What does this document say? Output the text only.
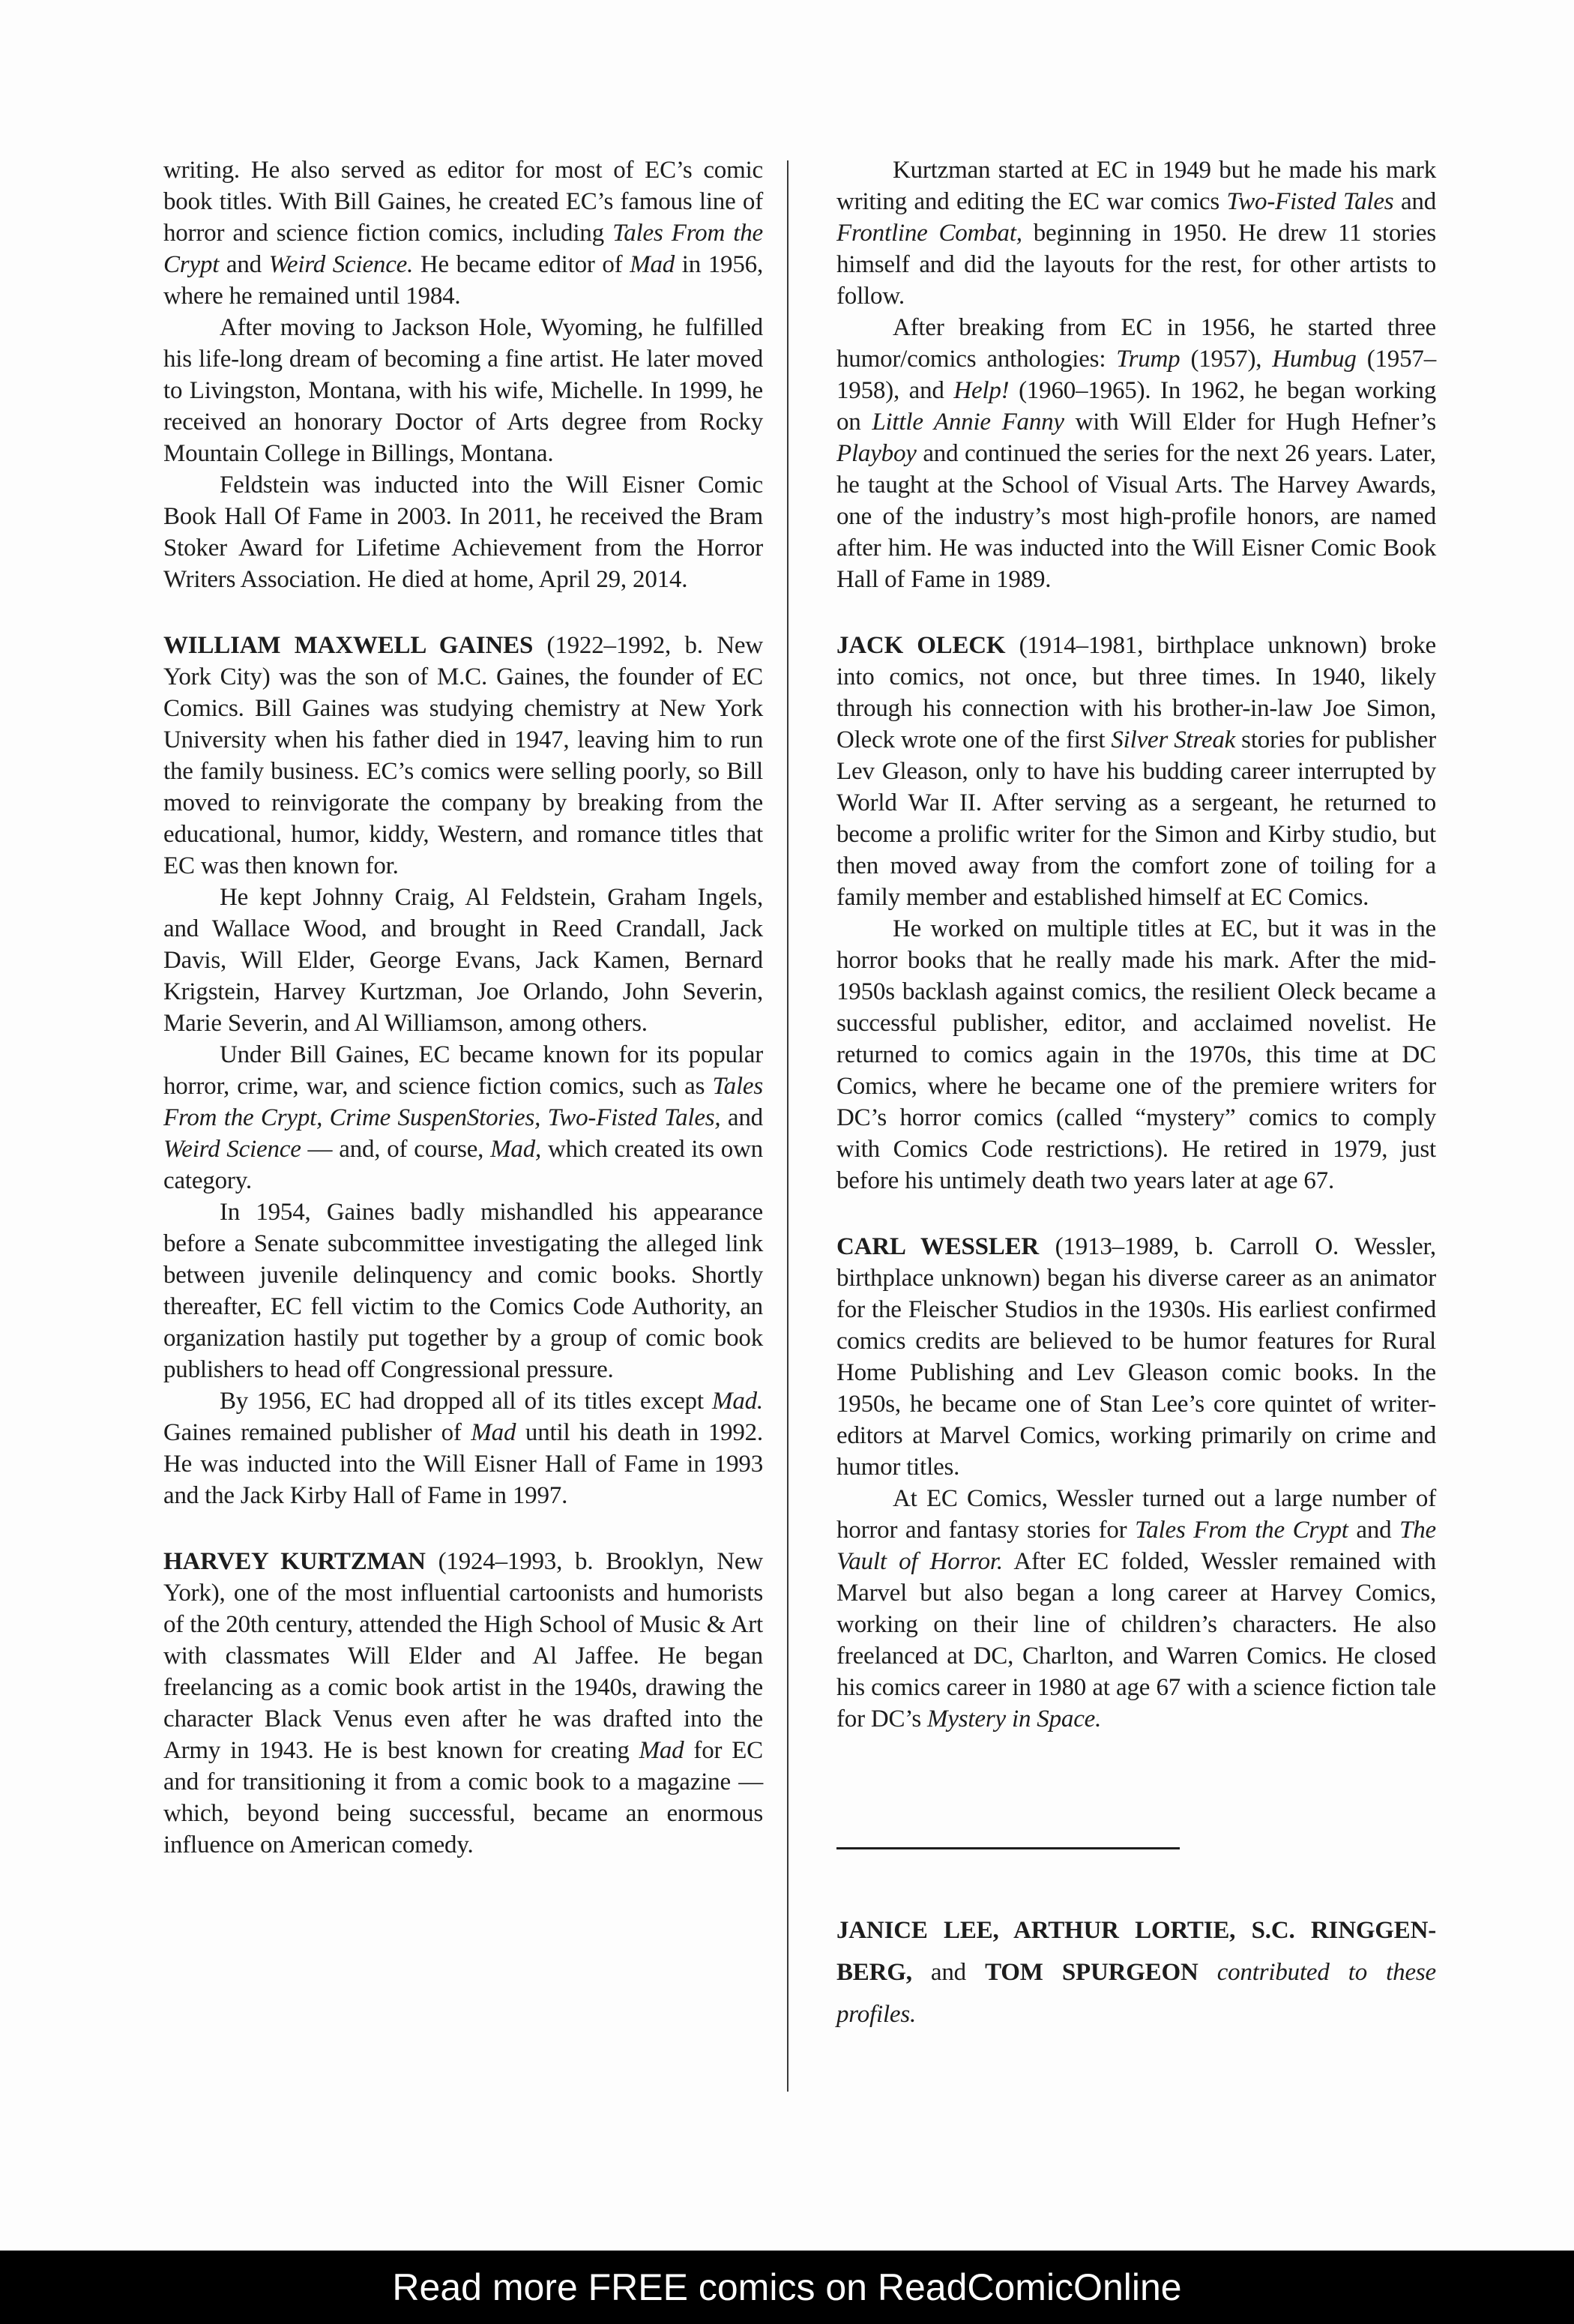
writing. He also served as editor for most of EC’s comic book titles. With Bill Gaines, he created EC’s famous line of horror and science fiction comics, including Tales From the Crypt and Weird Science. He became editor of Mad in 1956, where he remained until 1984.

After moving to Jackson Hole, Wyoming, he fulfilled his life-long dream of becoming a fine artist. He later moved to Livingston, Montana, with his wife, Michelle. In 1999, he received an honorary Doctor of Arts degree from Rocky Mountain College in Billings, Montana.

Feldstein was inducted into the Will Eisner Comic Book Hall Of Fame in 2003. In 2011, he received the Bram Stoker Award for Lifetime Achievement from the Horror Writers Association. He died at home, April 29, 2014.

WILLIAM MAXWELL GAINES (1922–1992, b. New York City) was the son of M.C. Gaines, the founder of EC Comics. Bill Gaines was studying chemistry at New York University when his father died in 1947, leaving him to run the family business. EC’s comics were selling poorly, so Bill moved to reinvigorate the company by breaking from the educational, humor, kiddy, Western, and romance titles that EC was then known for.

He kept Johnny Craig, Al Feldstein, Graham Ingels, and Wallace Wood, and brought in Reed Crandall, Jack Davis, Will Elder, George Evans, Jack Kamen, Bernard Krigstein, Harvey Kurtzman, Joe Orlando, John Severin, Marie Severin, and Al Williamson, among others.

Under Bill Gaines, EC became known for its popular horror, crime, war, and science fiction comics, such as Tales From the Crypt, Crime SuspenStories, Two-Fisted Tales, and Weird Science — and, of course, Mad, which created its own category.

In 1954, Gaines badly mishandled his appearance before a Senate subcommittee investigating the alleged link between juvenile delinquency and comic books. Shortly thereafter, EC fell victim to the Comics Code Authority, an organization hastily put together by a group of comic book publishers to head off Congressional pressure.

By 1956, EC had dropped all of its titles except Mad. Gaines remained publisher of Mad until his death in 1992. He was inducted into the Will Eisner Hall of Fame in 1993 and the Jack Kirby Hall of Fame in 1997.

HARVEY KURTZMAN (1924–1993, b. Brooklyn, New York), one of the most influential cartoonists and humorists of the 20th century, attended the High School of Music & Art with classmates Will Elder and Al Jaffee. He began freelancing as a comic book artist in the 1940s, drawing the character Black Venus even after he was drafted into the Army in 1943. He is best known for creating Mad for EC and for transitioning it from a comic book to a magazine — which, beyond being successful, became an enormous influence on American comedy.

Kurtzman started at EC in 1949 but he made his mark writing and editing the EC war comics Two-Fisted Tales and Frontline Combat, beginning in 1950. He drew 11 stories himself and did the layouts for the rest, for other artists to follow.

After breaking from EC in 1956, he started three humor/comics anthologies: Trump (1957), Humbug (1957–1958), and Help! (1960–1965). In 1962, he began working on Little Annie Fanny with Will Elder for Hugh Hefner’s Playboy and continued the series for the next 26 years. Later, he taught at the School of Visual Arts. The Harvey Awards, one of the industry’s most high-profile honors, are named after him. He was inducted into the Will Eisner Comic Book Hall of Fame in 1989.

JACK OLECK (1914–1981, birthplace unknown) broke into comics, not once, but three times. In 1940, likely through his connection with his brother-in-law Joe Simon, Oleck wrote one of the first Silver Streak stories for publisher Lev Gleason, only to have his budding career interrupted by World War II. After serving as a sergeant, he returned to become a prolific writer for the Simon and Kirby studio, but then moved away from the comfort zone of toiling for a family member and established himself at EC Comics.

He worked on multiple titles at EC, but it was in the horror books that he really made his mark. After the mid-1950s backlash against comics, the resilient Oleck became a successful publisher, editor, and acclaimed novelist. He returned to comics again in the 1970s, this time at DC Comics, where he became one of the premiere writers for DC’s horror comics (called “mystery” comics to comply with Comics Code restrictions). He retired in 1979, just before his untimely death two years later at age 67.

CARL WESSLER (1913–1989, b. Carroll O. Wessler, birthplace unknown) began his diverse career as an animator for the Fleischer Studios in the 1930s. His earliest confirmed comics credits are believed to be humor features for Rural Home Publishing and Lev Gleason comic books. In the 1950s, he became one of Stan Lee’s core quintet of writer-editors at Marvel Comics, working primarily on crime and humor titles.

At EC Comics, Wessler turned out a large number of horror and fantasy stories for Tales From the Crypt and The Vault of Horror. After EC folded, Wessler remained with Marvel but also began a long career at Harvey Comics, working on their line of children’s characters. He also freelanced at DC, Charlton, and Warren Comics. He closed his comics career in 1980 at age 67 with a science fiction tale for DC’s Mystery in Space.

JANICE LEE, ARTHUR LORTIE, S.C. RINGGEN-BERG, and TOM SPURGEON contributed to these profiles.

Read more FREE comics on ReadComicOnline
